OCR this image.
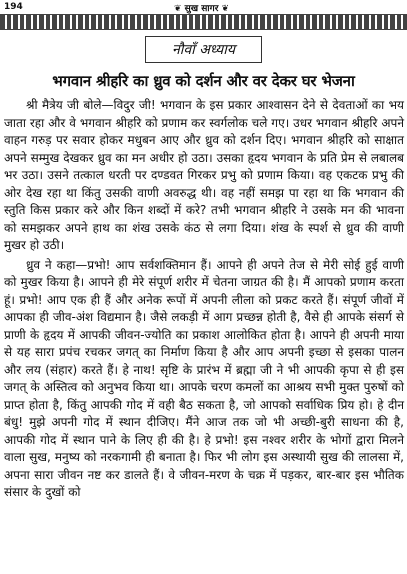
194	❦ सुख सागर ❦
नौवाँ अध्याय
भगवान श्रीहरि का ध्रुव को दर्शन और वर देकर घर भेजना

श्री मैत्रेय जी बोले—विदुर जी! भगवान के इस प्रकार आश्वासन देने से देवताओं का भय जाता रहा और वे भगवान श्रीहरि को प्रणाम कर स्वर्गलोक चले गए। उधर भगवान श्रीहरि अपने वाहन गरुड़ पर सवार होकर मधुबन आए और ध्रुव को दर्शन दिए। भगवान श्रीहरि को साक्षात अपने सम्मुख देखकर ध्रुव का मन अधीर हो उठा। उसका हृदय भगवान के प्रति प्रेम से लबालब भर उठा। उसने तत्काल धरती पर दण्डवत गिरकर प्रभु को प्रणाम किया। वह एकटक प्रभु की ओर देख रहा था किंतु उसकी वाणी अवरुद्ध थी। वह नहीं समझ पा रहा था कि भगवान की स्तुति किस प्रकार करे और किन शब्दों में करे? तभी भगवान श्रीहरि ने उसके मन की भावना को समझकर अपने हाथ का शंख उसके कंठ से लगा दिया। शंख के स्पर्श से ध्रुव की वाणी मुखर हो उठी।

ध्रुव ने कहा—प्रभो! आप सर्वशक्तिमान हैं। आपने ही अपने तेज से मेरी सोई हुई वाणी को मुखर किया है। आपने ही मेरे संपूर्ण शरीर में चेतना जाग्रत की है। मैं आपको प्रणाम करता हूं। प्रभो! आप एक ही हैं और अनेक रूपों में अपनी लीला को प्रकट करते हैं। संपूर्ण जीवों में आपका ही जीव-अंश विद्यमान है। जैसे लकड़ी में आग प्रच्छन्न होती है, वैसे ही आपके संसर्ग से प्राणी के हृदय में आपकी जीवन-ज्योति का प्रकाश आलोकित होता है। आपने ही अपनी माया से यह सारा प्रपंच रचकर जगत् का निर्माण किया है और आप अपनी इच्छा से इसका पालन और लय (संहार) करते हैं। हे नाथ! सृष्टि के प्रारंभ में ब्रह्मा जी ने भी आपकी कृपा से ही इस जगत् के अस्तित्व को अनुभव किया था। आपके चरण कमलों का आश्रय सभी मुक्त पुरुषों को प्राप्त होता है, किंतु आपकी गोद में वही बैठ सकता है, जो आपको सर्वाधिक प्रिय हो। हे दीन बंधु! मुझे अपनी गोद में स्थान दीजिए। मैंने आज तक जो भी अच्छी-बुरी साधना की है, आपकी गोद में स्थान पाने के लिए ही की है। हे प्रभो! इस नश्वर शरीर के भोगों द्वारा मिलने वाला सुख, मनुष्य को नरकगामी ही बनाता है। फिर भी लोग इस अस्थायी सुख की लालसा में, अपना सारा जीवन नष्ट कर डालते हैं। वे जीवन-मरण के चक्र में पड़कर, बार-बार इस भौतिक संसार के दुखों को
